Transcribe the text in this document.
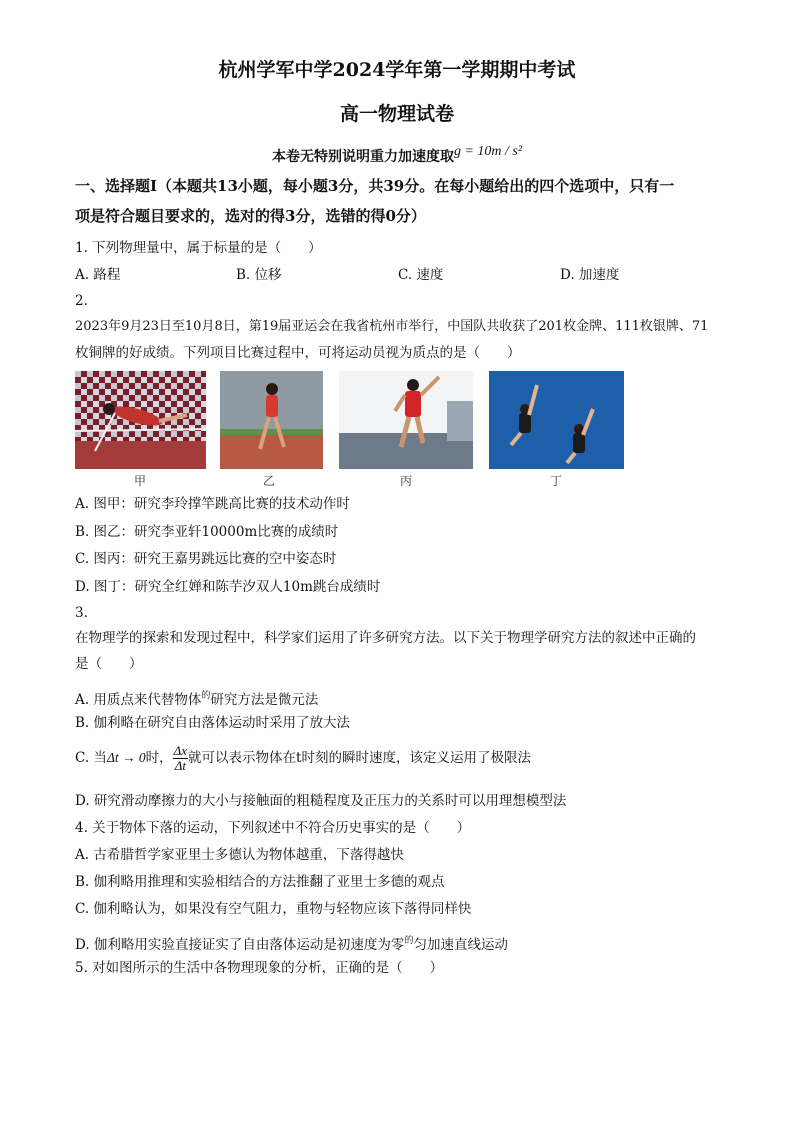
杭州学军中学2024学年第一学期期中考试
高一物理试卷
本卷无特别说明重力加速度取g = 10m / s²
一、选择题Ⅰ（本题共13小题，每小题3分，共39分。在每小题给出的四个选项中，只有一
项是符合题目要求的，选对的得3分，选错的得0分）
1. 下列物理量中，属于标量的是（　　）
A. 路程	B. 位移	C. 速度	D. 加速度
2.
2023年9月23日至10月8日，第19届亚运会在我省杭州市举行，中国队共收获了201枚金牌、111枚银牌、71
枚铜牌的好成绩。下列项目比赛过程中，可将运动员视为质点的是（　　）
甲	乙	丙	丁
A. 图甲：研究李玲撑竿跳高比赛的技术动作时
B. 图乙：研究李亚轩10000m比赛的成绩时
C. 图丙：研究王嘉男跳远比赛的空中姿态时
D. 图丁：研究全红婵和陈芋汐双人10m跳台成绩时
3.
在物理学的探索和发现过程中，科学家们运用了许多研究方法。以下关于物理学研究方法的叙述中正确的
是（　　）
A. 用质点来代替物体$^的$研究方法是微元法
B. 伽利略在研究自由落体运动时采用了放大法
C. 当Δt → 0时， $\frac{\Delta x}{\Delta t}$ 就可以表示物体在t时刻的瞬时速度，该定义运用了极限法
D. 研究滑动摩擦力的大小与接触面的粗糙程度及正压力的关系时可以用理想模型法
4. 关于物体下落的运动，下列叙述中不符合历史事实的是（　　）
A. 古希腊哲学家亚里士多德认为物体越重，下落得越快
B. 伽利略用推理和实验相结合的方法推翻了亚里士多德的观点
C. 伽利略认为，如果没有空气阻力，重物与轻物应该下落得同样快
D. 伽利略用实验直接证实了自由落体运动是初速度为零$^的$匀加速直线运动
5. 对如图所示的生活中各物理现象的分析，正确的是（　　）
